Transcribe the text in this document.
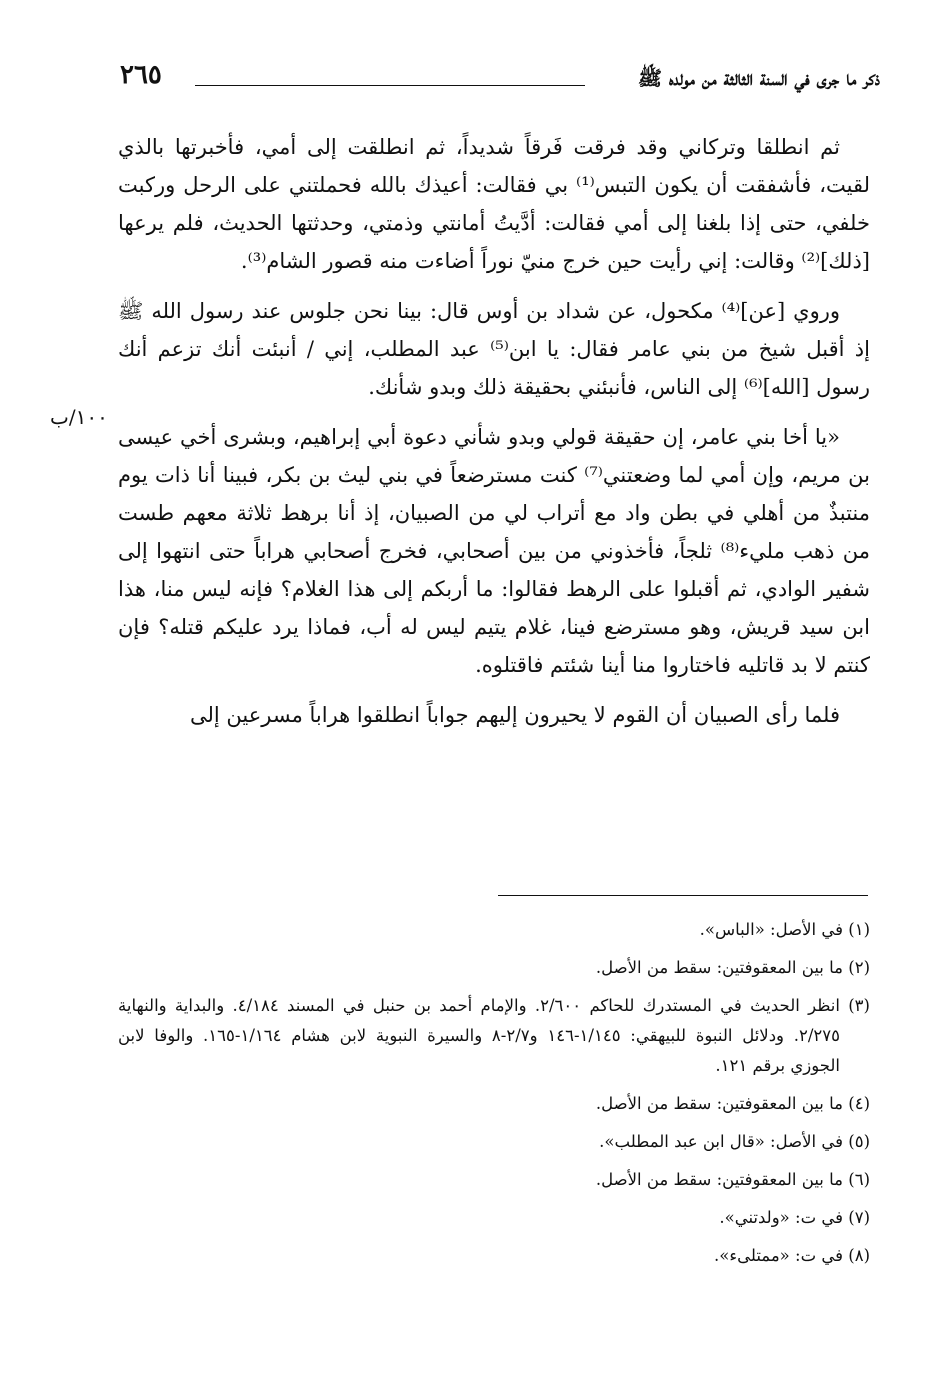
٢٦٥	ذكر ما جرى في السنة الثالثة من مولده ﷺ

ثم انطلقا وتركاني وقد فرقت فَرقاً شديداً، ثم انطلقت إلى أمي، فأخبرتها بالذي لقيت، فأشفقت أن يكون التبس⁽¹⁾ بي فقالت: أعيذك بالله فحملتني على الرحل وركبت خلفي، حتى إذا بلغنا إلى أمي فقالت: أدَّيتُ أمانتي وذمتي، وحدثتها الحديث، فلم يرعها [ذلك]⁽²⁾ وقالت: إني رأيت حين خرج منيّ نوراً أضاءت منه قصور الشام⁽³⁾.

وروي [عن]⁽⁴⁾ مكحول، عن شداد بن أوس قال: بينا نحن جلوس عند رسول الله ﷺ إذ أقبل شيخ من بني عامر فقال: يا ابن⁽⁵⁾ عبد المطلب، إني / أنبئت أنك تزعم أنك رسول [الله]⁽⁶⁾ إلى الناس، فأنبئني بحقيقة ذلك وبدو شأنك.

«يا أخا بني عامر، إن حقيقة قولي وبدو شأني دعوة أبي إبراهيم، وبشرى أخي عيسى بن مريم، وإن أمي لما وضعتني⁽⁷⁾ كنت مسترضعاً في بني ليث بن بكر، فبينا أنا ذات يوم منتبذٌ من أهلي في بطن واد مع أتراب لي من الصبيان، إذ أنا برهط ثلاثة معهم طست من ذهب مليء⁽⁸⁾ ثلجاً، فأخذوني من بين أصحابي، فخرج أصحابي هراباً حتى انتهوا إلى شفير الوادي، ثم أقبلوا على الرهط فقالوا: ما أربكم إلى هذا الغلام؟ فإنه ليس منا، هذا ابن سيد قريش، وهو مسترضع فينا، غلام يتيم ليس له أب، فماذا يرد عليكم قتله؟ فإن كنتم لا بد قاتليه فاختاروا منا أينا شئتم فاقتلوه.

فلما رأى الصبيان أن القوم لا يحيرون إليهم جواباً انطلقوا هراباً مسرعين إلى

١٠٠/ب

(١) في الأصل: «الباس».

(٢) ما بين المعقوفتين: سقط من الأصل.

(٣) انظر الحديث في المستدرك للحاكم ٢/٦٠٠. والإمام أحمد بن حنبل في المسند ٤/١٨٤. والبداية والنهاية ٢/٢٧٥. ودلائل النبوة للبيهقي: ١/١٤٥-١٤٦ و٢/٧-٨ والسيرة النبوية لابن هشام ١/١٦٤-١٦٥. والوفا لابن الجوزي برقم ١٢١.

(٤) ما بين المعقوفتين: سقط من الأصل.

(٥) في الأصل: «قال ابن عبد المطلب».

(٦) ما بين المعقوفتين: سقط من الأصل.

(٧) في ت: «ولدتني».

(٨) في ت: «ممتلىء».
